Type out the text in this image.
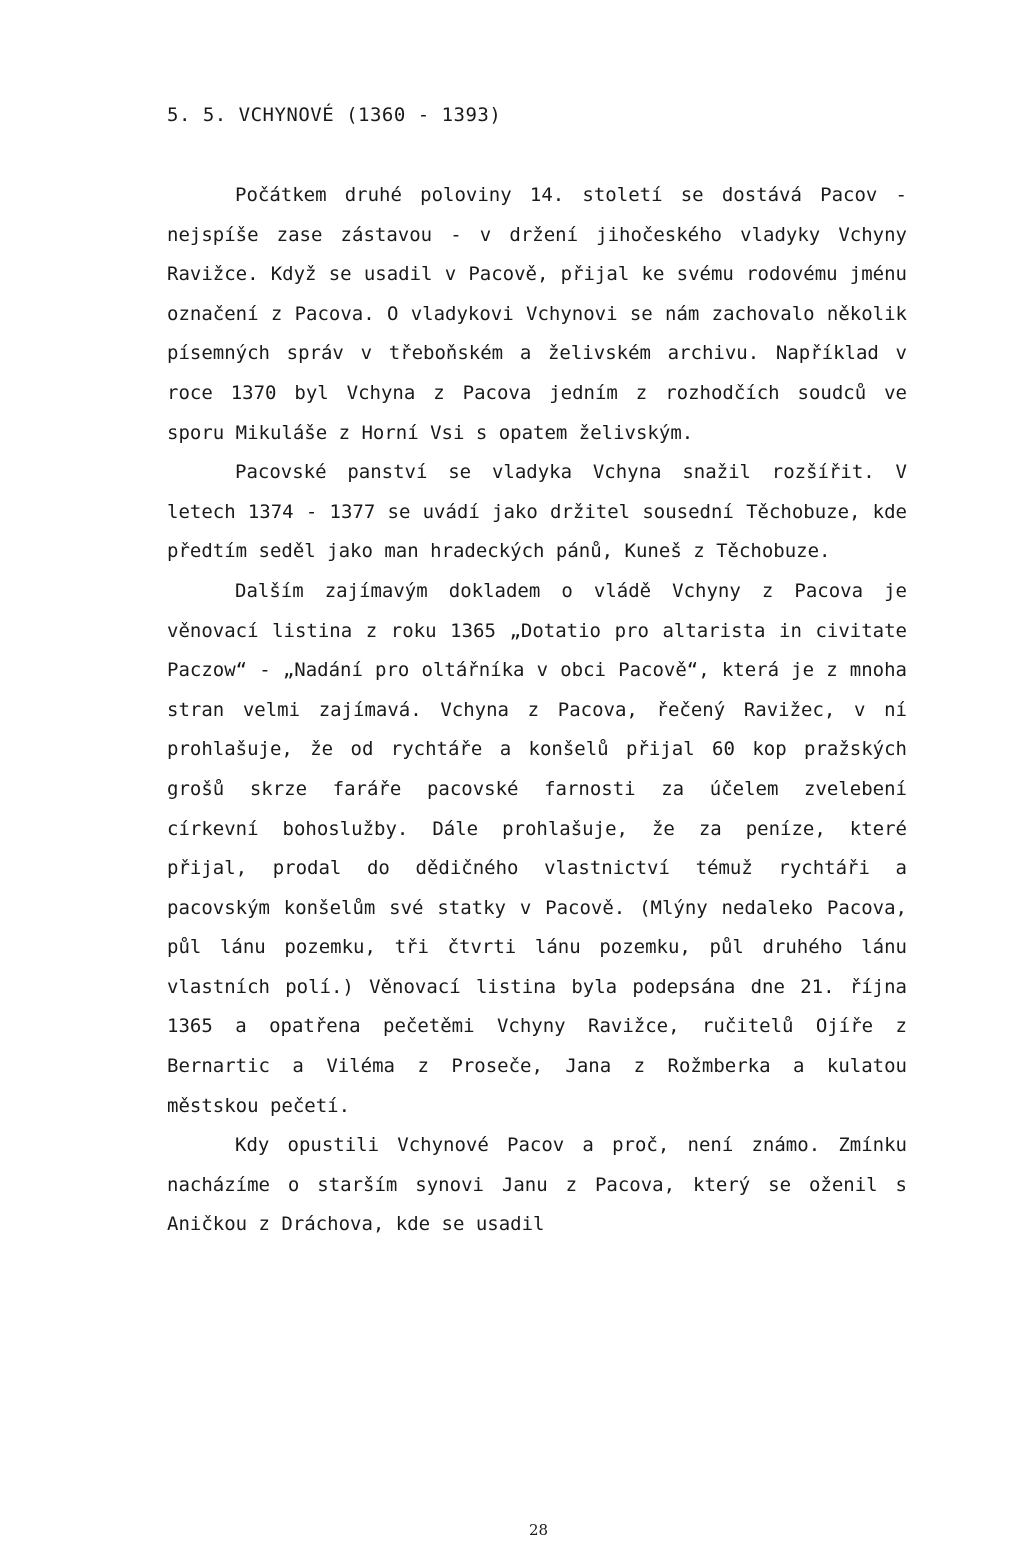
5. 5. VCHYNOVÉ (1360 - 1393)

Počátkem druhé poloviny 14. století se dostává Pacov - nejspíše zase zástavou - v držení jihočeského vladyky Vchyny Ravižce. Když se usadil v Pacově, přijal ke svému rodovému jménu označení z Pacova. O vladykovi Vchynovi se nám zachovalo několik písemných správ v třeboňském a želivském archivu. Například v roce 1370 byl Vchyna z Pacova jedním z rozhodčích soudců ve sporu Mikuláše z Horní Vsi s opatem želivským.

Pacovské panství se vladyka Vchyna snažil rozšířit. V letech 1374 - 1377 se uvádí jako držitel sousední Těchobuze, kde předtím seděl jako man hradeckých pánů, Kuneš z Těchobuze.

Dalším zajímavým dokladem o vládě Vchyny z Pacova je věnovací listina z roku 1365 „Dotatio pro altarista in civitate Paczow“ - „Nadání pro oltářníka v obci Pacově“, která je z mnoha stran velmi zajímavá. Vchyna z Pacova, řečený Ravižec, v ní prohlašuje, že od rychtáře a konšelů přijal 60 kop pražských grošů skrze faráře pacovské farnosti za účelem zvelebení církevní bohoslužby. Dále prohlašuje, že za peníze, které přijal, prodal do dědičného vlastnictví témuž rychtáři a pacovským konšelům své statky v Pacově. (Mlýny nedaleko Pacova, půl lánu pozemku, tři čtvrti lánu pozemku, půl druhého lánu vlastních polí.) Věnovací listina byla podepsána dne 21. října 1365 a opatřena pečetěmi Vchyny Ravižce, ručitelů Ojíře z Bernartic a Viléma z Proseče, Jana z Rožmberka a kulatou městskou pečetí.

Kdy opustili Vchynové Pacov a proč, není známo. Zmínku nacházíme o starším synovi Janu z Pacova, který se oženil s Aničkou z Dráchova, kde se usadil

28
